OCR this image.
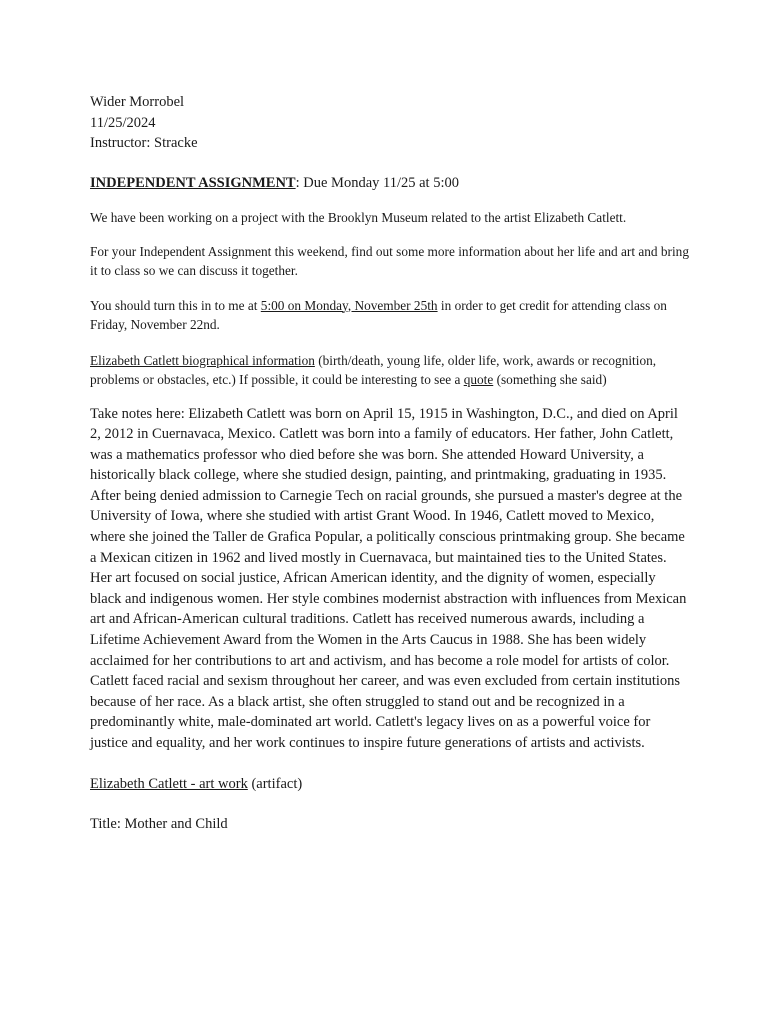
Wider Morrobel

11/25/2024

Instructor: Stracke

INDEPENDENT ASSIGNMENT: Due Monday 11/25 at 5:00

We have been working on a project with the Brooklyn Museum related to the artist Elizabeth Catlett.

For your Independent Assignment this weekend, find out some more information about her life and art and bring it to class so we can discuss it together.

You should turn this in to me at 5:00 on Monday, November 25th in order to get credit for attending class on Friday, November 22nd.

Elizabeth Catlett biographical information (birth/death, young life, older life, work, awards or recognition, problems or obstacles, etc.) If possible, it could be interesting to see a quote (something she said)

Take notes here: Elizabeth Catlett was born on April 15, 1915 in Washington, D.C., and died on April 2, 2012 in Cuernavaca, Mexico. Catlett was born into a family of educators. Her father, John Catlett, was a mathematics professor who died before she was born. She attended Howard University, a historically black college, where she studied design, painting, and printmaking, graduating in 1935. After being denied admission to Carnegie Tech on racial grounds, she pursued a master's degree at the University of Iowa, where she studied with artist Grant Wood. In 1946, Catlett moved to Mexico, where she joined the Taller de Grafica Popular, a politically conscious printmaking group. She became a Mexican citizen in 1962 and lived mostly in Cuernavaca, but maintained ties to the United States. Her art focused on social justice, African American identity, and the dignity of women, especially black and indigenous women. Her style combines modernist abstraction with influences from Mexican art and African-American cultural traditions. Catlett has received numerous awards, including a Lifetime Achievement Award from the Women in the Arts Caucus in 1988. She has been widely acclaimed for her contributions to art and activism, and has become a role model for artists of color. Catlett faced racial and sexism throughout her career, and was even excluded from certain institutions because of her race. As a black artist, she often struggled to stand out and be recognized in a predominantly white, male-dominated art world. Catlett's legacy lives on as a powerful voice for justice and equality, and her work continues to inspire future generations of artists and activists.

Elizabeth Catlett - art work (artifact)

Title: Mother and Child
